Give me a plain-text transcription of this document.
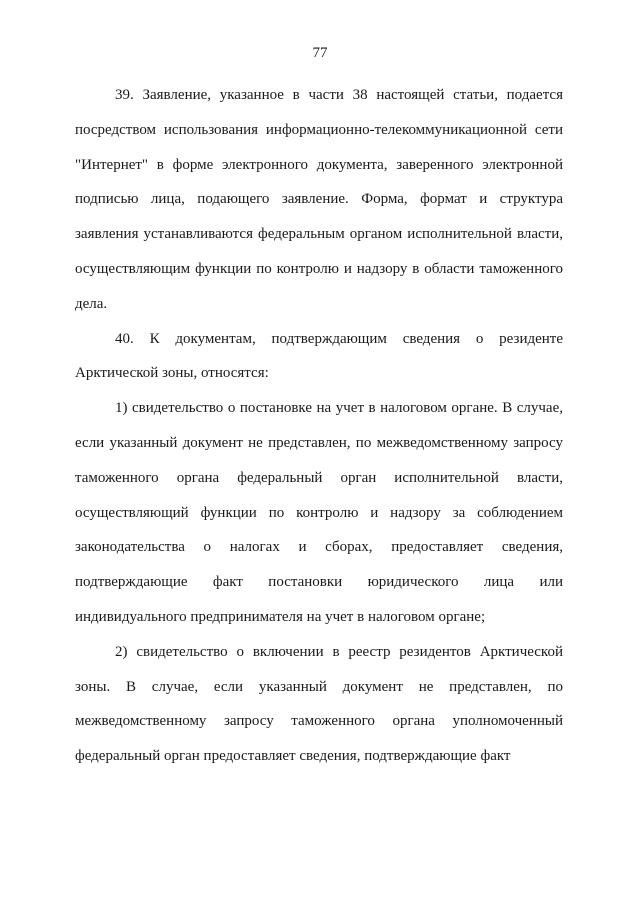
77

39. Заявление, указанное в части 38 настоящей статьи, подается посредством использования информационно-телекоммуникационной сети "Интернет" в форме электронного документа, заверенного электронной подписью лица, подающего заявление. Форма, формат и структура заявления устанавливаются федеральным органом исполнительной власти, осуществляющим функции по контролю и надзору в области таможенного дела.

40. К документам, подтверждающим сведения о резиденте Арктической зоны, относятся:

1) свидетельство о постановке на учет в налоговом органе. В случае, если указанный документ не представлен, по межведомственному запросу таможенного органа федеральный орган исполнительной власти, осуществляющий функции по контролю и надзору за соблюдением законодательства о налогах и сборах, предоставляет сведения, подтверждающие факт постановки юридического лица или индивидуального предпринимателя на учет в налоговом органе;

2) свидетельство о включении в реестр резидентов Арктической зоны. В случае, если указанный документ не представлен, по межведомственному запросу таможенного органа уполномоченный федеральный орган предоставляет сведения, подтверждающие факт
